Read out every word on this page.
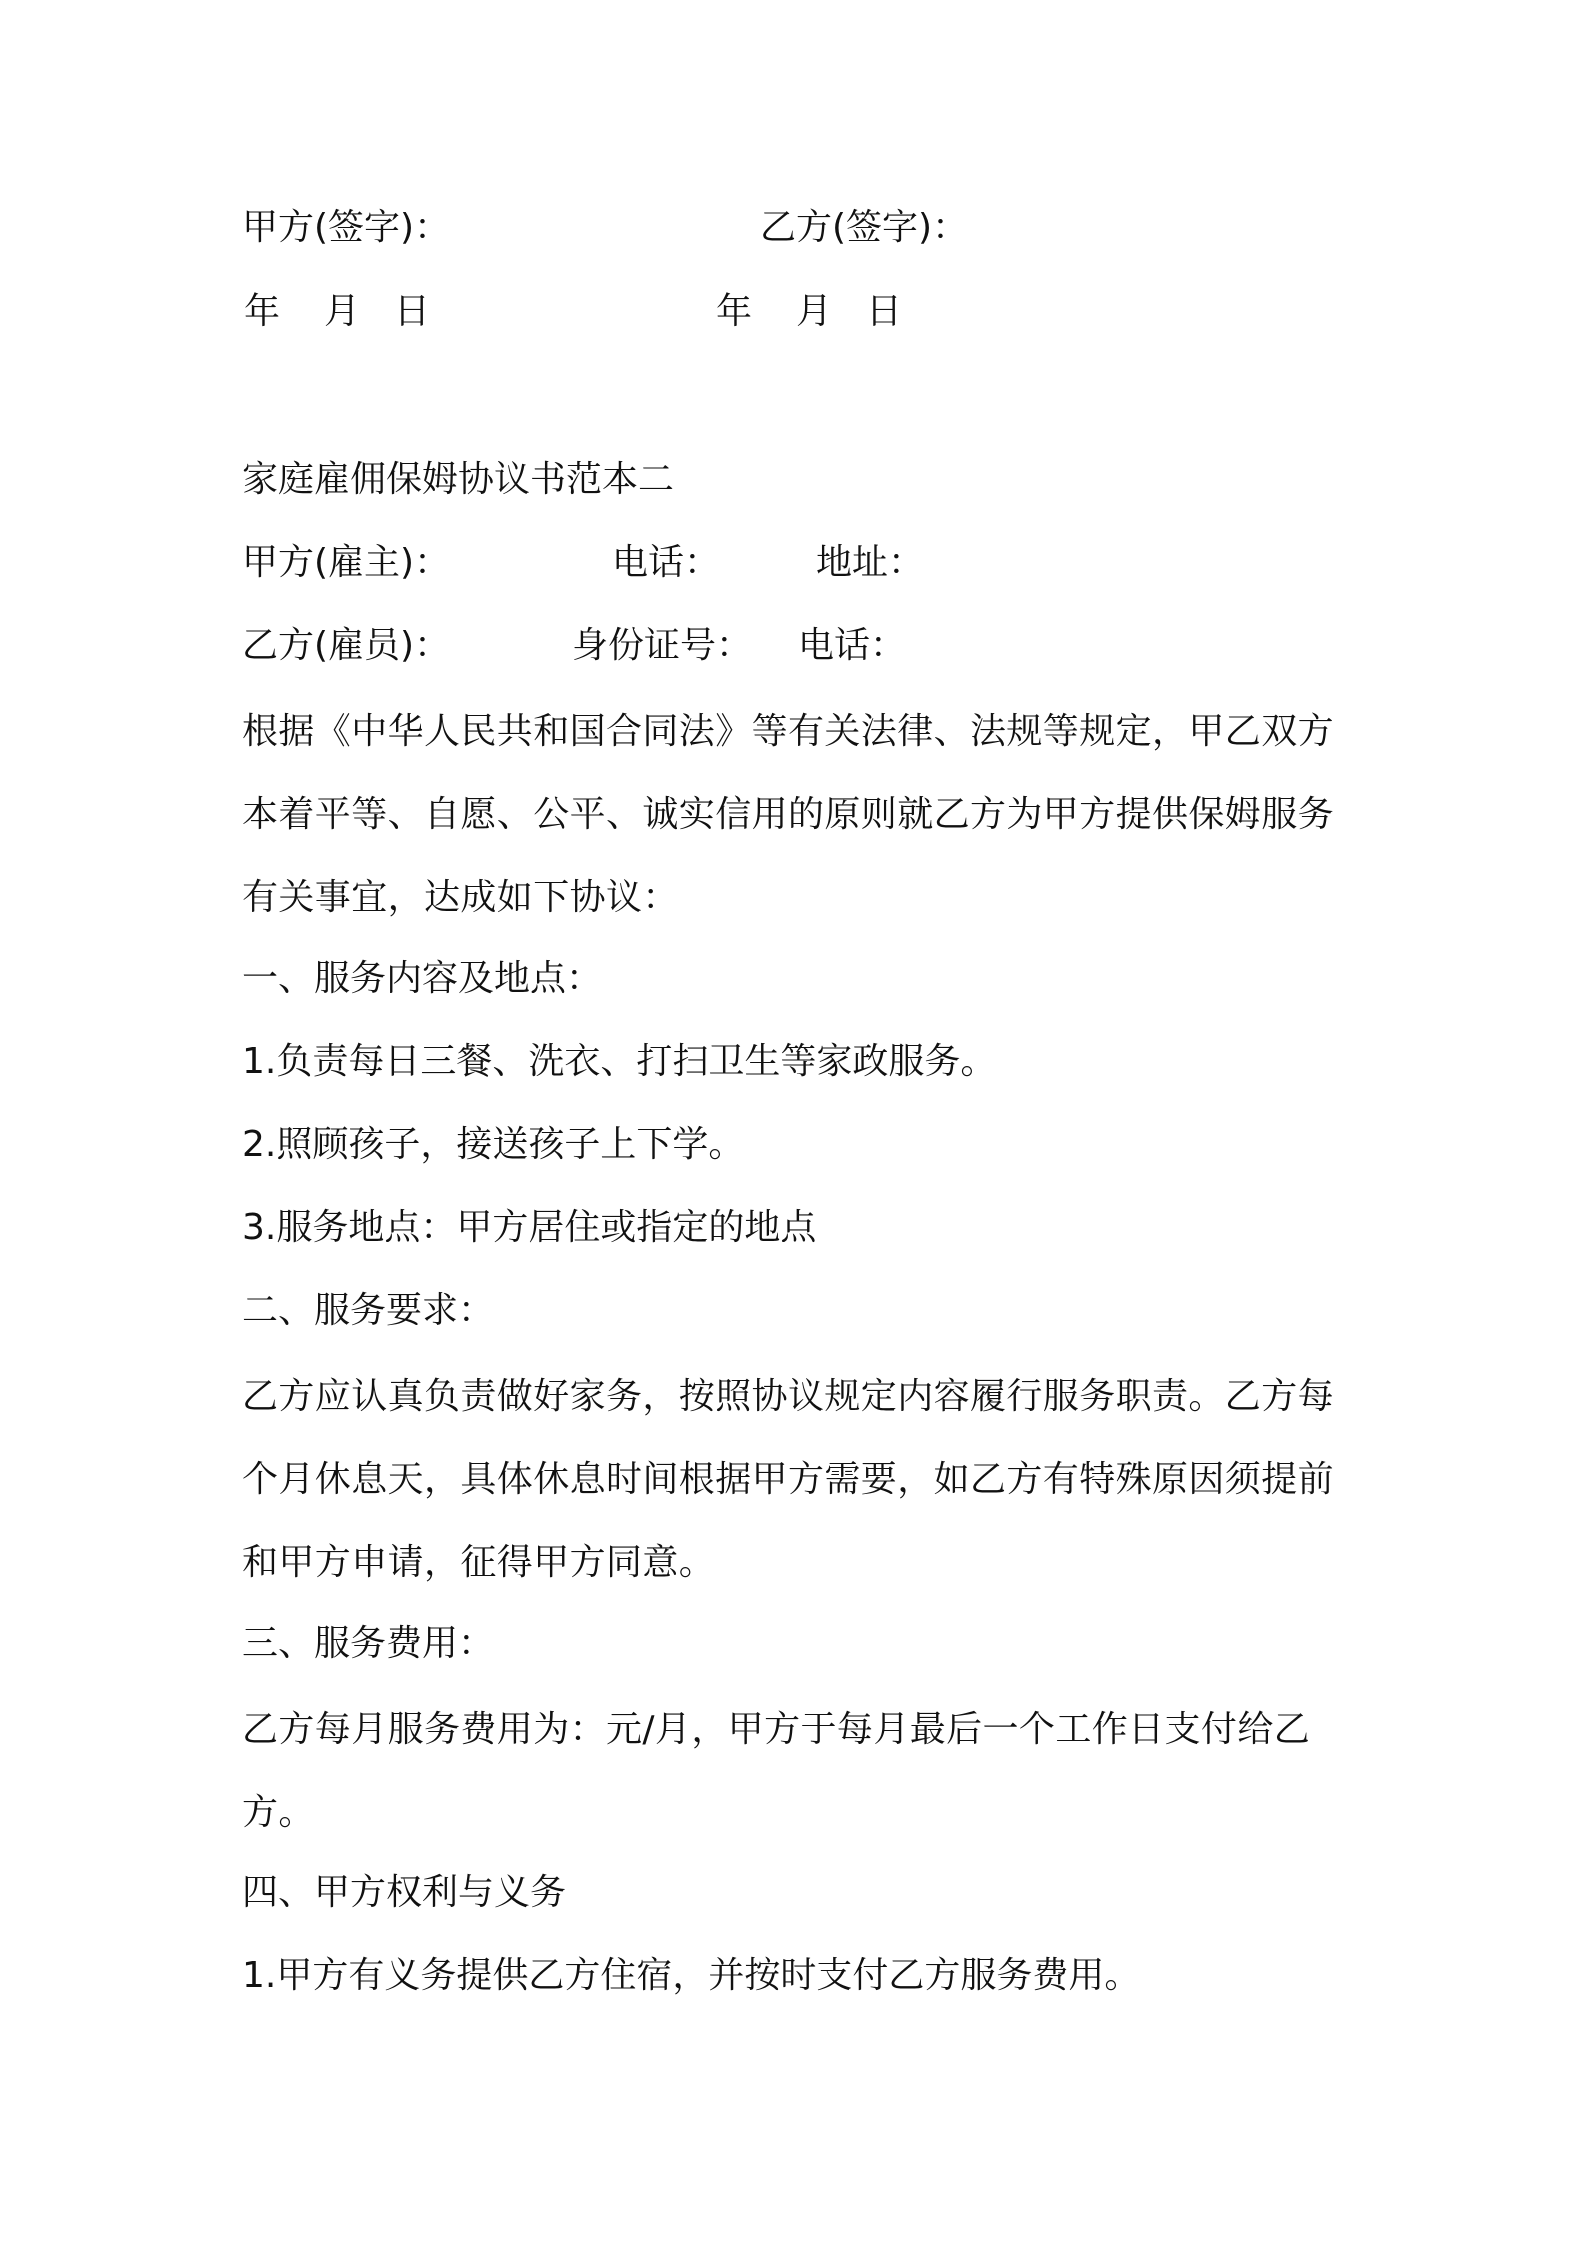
甲方(签字)：	乙方(签字)：
年 月 日	年 月 日
家庭雇佣保姆协议书范本二
甲方(雇主)：	电话：	地址：
乙方(雇员)：	身份证号： 电话：
根据《中华人民共和国合同法》等有关法律、法规等规定，甲乙双方本着平等、自愿、公平、诚实信用的原则就乙方为甲方提供保姆服务有关事宜，达成如下协议：
一、服务内容及地点：
1.负责每日三餐、洗衣、打扫卫生等家政服务。
2.照顾孩子，接送孩子上下学。
3.服务地点：甲方居住或指定的地点
二、服务要求：
乙方应认真负责做好家务，按照协议规定内容履行服务职责。乙方每个月休息天，具体休息时间根据甲方需要，如乙方有特殊原因须提前和甲方申请，征得甲方同意。
三、服务费用：
乙方每月服务费用为：元/月，甲方于每月最后一个工作日支付给乙方。
四、甲方权利与义务
1.甲方有义务提供乙方住宿，并按时支付乙方服务费用。
